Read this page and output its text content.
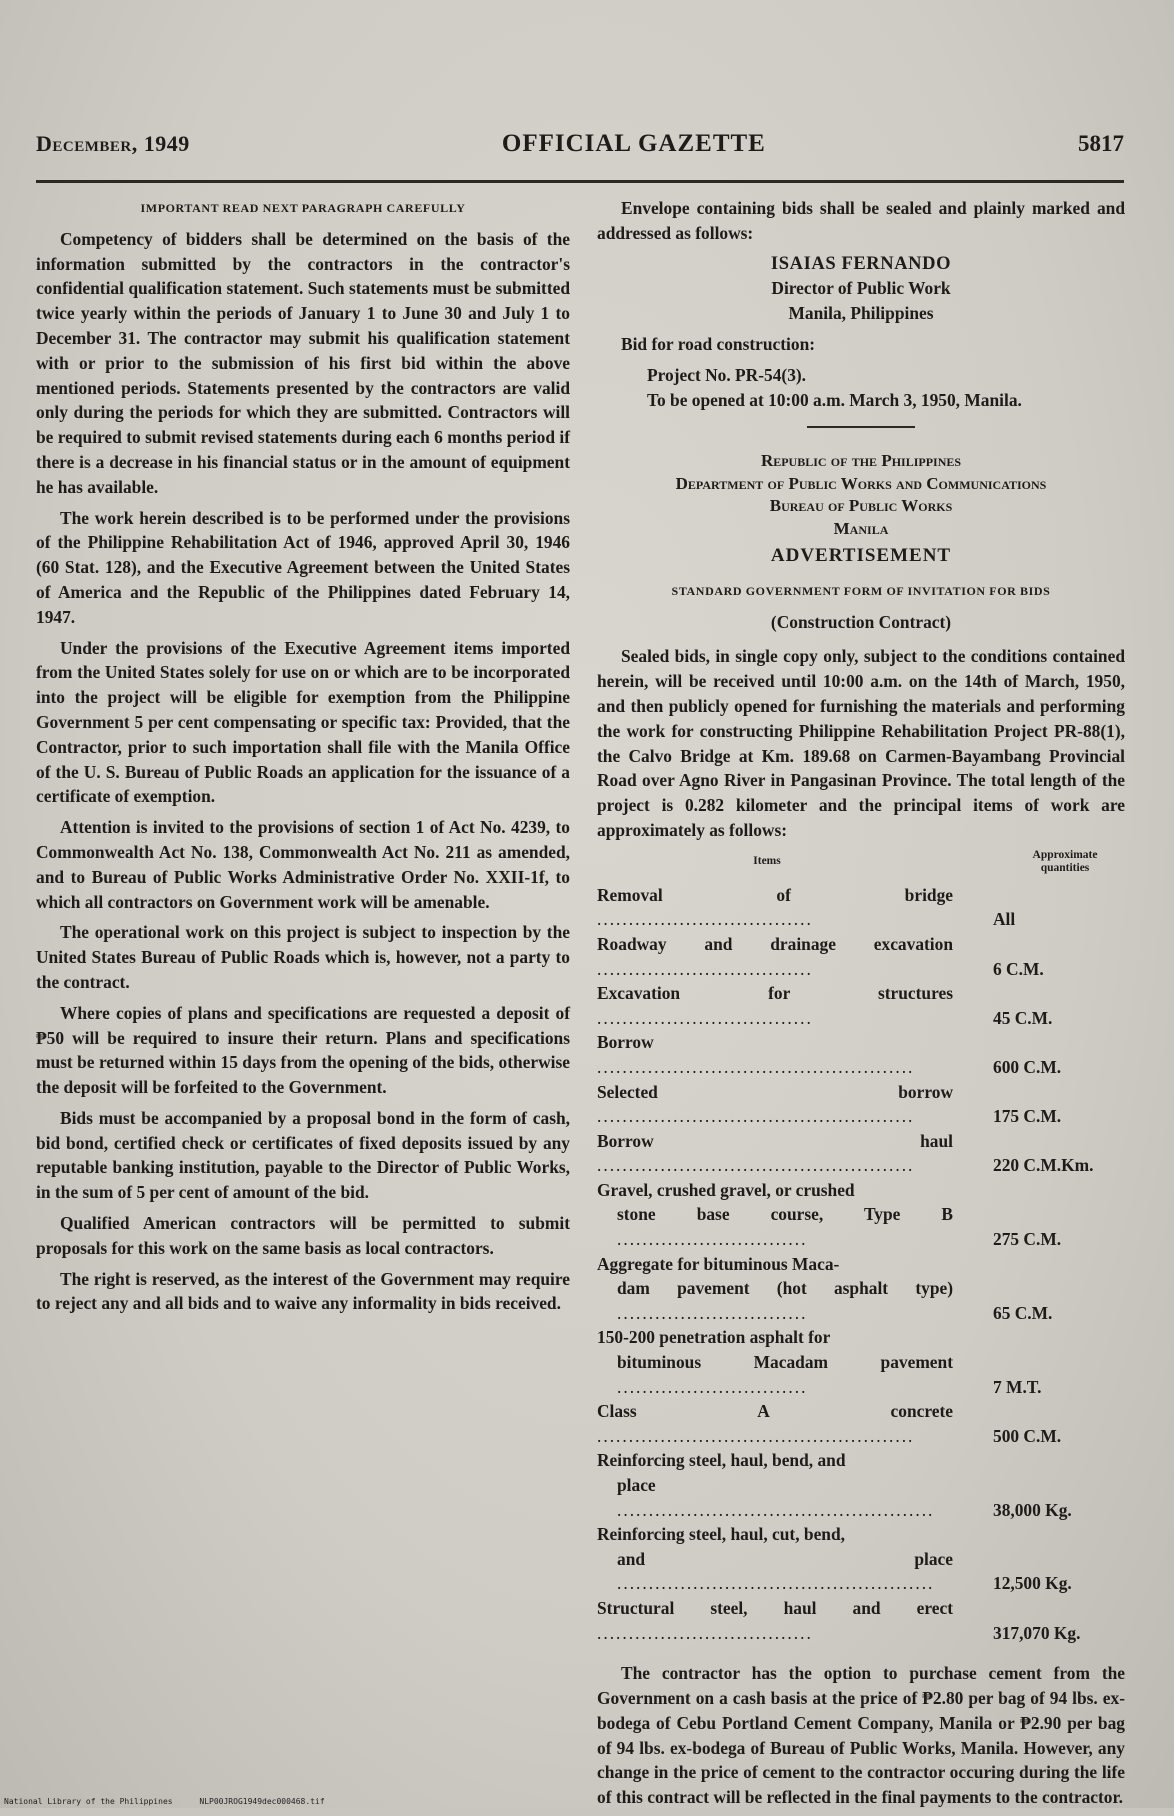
December, 1949	OFFICIAL GAZETTE	5817
IMPORTANT READ NEXT PARAGRAPH CAREFULLY

Competency of bidders shall be determined on the basis of the information submitted by the contractors in the contractor's confidential qualification statement. Such statements must be submitted twice yearly within the periods of January 1 to June 30 and July 1 to December 31. The contractor may submit his qualification statement with or prior to the submission of his first bid within the above mentioned periods. Statements presented by the contractors are valid only during the periods for which they are submitted. Contractors will be required to submit revised statements during each 6 months period if there is a decrease in his financial status or in the amount of equipment he has available.

The work herein described is to be performed under the provisions of the Philippine Rehabilitation Act of 1946, approved April 30, 1946 (60 Stat. 128), and the Executive Agreement between the United States of America and the Republic of the Philippines dated February 14, 1947.

Under the provisions of the Executive Agreement items imported from the United States solely for use on or which are to be incorporated into the project will be eligible for exemption from the Philippine Government 5 per cent compensating or specific tax: Provided, that the Contractor, prior to such importation shall file with the Manila Office of the U. S. Bureau of Public Roads an application for the issuance of a certificate of exemption.

Attention is invited to the provisions of section 1 of Act No. 4239, to Commonwealth Act No. 138, Commonwealth Act No. 211 as amended, and to Bureau of Public Works Administrative Order No. XXII-1f, to which all contractors on Government work will be amenable.

The operational work on this project is subject to inspection by the United States Bureau of Public Roads which is, however, not a party to the contract.

Where copies of plans and specifications are requested a deposit of ₱50 will be required to insure their return. Plans and specifications must be returned within 15 days from the opening of the bids, otherwise the deposit will be forfeited to the Government.

Bids must be accompanied by a proposal bond in the form of cash, bid bond, certified check or certificates of fixed deposits issued by any reputable banking institution, payable to the Director of Public Works, in the sum of 5 per cent of amount of the bid.

Qualified American contractors will be permitted to submit proposals for this work on the same basis as local contractors.

The right is reserved, as the interest of the Government may require to reject any and all bids and to waive any informality in bids received.

Envelope containing bids shall be sealed and plainly marked and addressed as follows:

ISAIAS FERNANDO
Director of Public Work
Manila, Philippines
Bid for road construction:
Project No. PR-54(3).
To be opened at 10:00 a.m. March 3, 1950, Manila.
Republic of the Philippines
Department of Public Works and Communications
Bureau of Public Works
Manila
ADVERTISEMENT
STANDARD GOVERNMENT FORM OF INVITATION FOR BIDS
(Construction Contract)

Sealed bids, in single copy only, subject to the conditions contained herein, will be received until 10:00 a.m. on the 14th of March, 1950, and then publicly opened for furnishing the materials and performing the work for constructing Philippine Rehabilitation Project PR-88(1), the Calvo Bridge at Km. 189.68 on Carmen-Bayambang Provincial Road over Agno River in Pangasinan Province. The total length of the project is 0.282 kilometer and the principal items of work are approximately as follows:

Items	Approximate
quantities
Removal of bridge ..................................	All
Roadway and drainage excavation ..................................	6 C.M.
Excavation for structures ..................................	45 C.M.
Borrow ..................................................	600 C.M.
Selected borrow ..................................................	175 C.M.
Borrow haul ..................................................	220 C.M.Km.
Gravel, crushed gravel, or crushed
stone base course, Type B ..............................	275 C.M.
Aggregate for bituminous Maca-
dam pavement (hot asphalt type) ..............................	65 C.M.
150-200 penetration asphalt for
bituminous Macadam pavement ..............................	7 M.T.
Class A concrete ..................................................	500 C.M.
Reinforcing steel, haul, bend, and
place ..................................................	38,000 Kg.
Reinforcing steel, haul, cut, bend,
and place ..................................................	12,500 Kg.
Structural steel, haul and erect ..................................	317,070 Kg.

The contractor has the option to purchase cement from the Government on a cash basis at the price of ₱2.80 per bag of 94 lbs. ex-bodega of Cebu Portland Cement Company, Manila or ₱2.90 per bag of 94 lbs. ex-bodega of Bureau of Public Works, Manila. However, any change in the price of cement to the contractor occuring during the life of this contract will be reflected in the final payments to the contractor.

National Library of the Philippines	NLP00JROG1949dec000468.tif
